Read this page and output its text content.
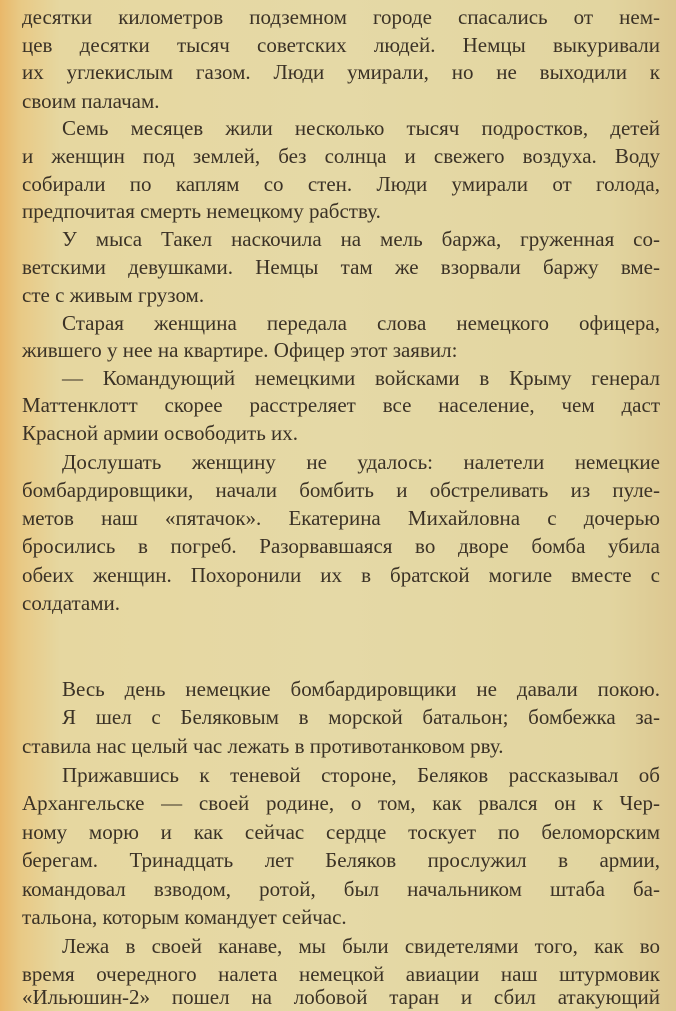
десятки километров подземном городе спасались от нем-
цев десятки тысяч советских людей. Немцы выкуривали
их углекислым газом. Люди умирали, но не выходили к
своим палачам.
Семь месяцев жили несколько тысяч подростков, детей
и женщин под землей, без солнца и свежего воздуха. Воду
собирали по каплям со стен. Люди умирали от голода,
предпочитая смерть немецкому рабству.
У мыса Такел наскочила на мель баржа, груженная со-
ветскими девушками. Немцы там же взорвали баржу вме-
сте с живым грузом.
Старая женщина передала слова немецкого офицера,
жившего у нее на квартире. Офицер этот заявил:
— Командующий немецкими войсками в Крыму генерал
Маттенклотт скорее расстреляет все население, чем даст
Красной армии освободить их.
Дослушать женщину не удалось: налетели немецкие
бомбардировщики, начали бомбить и обстреливать из пуле-
метов наш «пятачок». Екатерина Михайловна с дочерью
бросились в погреб. Разорвавшаяся во дворе бомба убила
обеих женщин. Похоронили их в братской могиле вместе с
солдатами.
Весь день немецкие бомбардировщики не давали покою.
Я шел с Беляковым в морской батальон; бомбежка за-
ставила нас целый час лежать в противотанковом рву.
Прижавшись к теневой стороне, Беляков рассказывал об
Архангельске — своей родине, о том, как рвался он к Чер-
ному морю и как сейчас сердце тоскует по беломорским
берегам. Тринадцать лет Беляков прослужил в армии,
командовал взводом, ротой, был начальником штаба ба-
тальона, которым командует сейчас.
Лежа в своей канаве, мы были свидетелями того, как во
время очередного налета немецкой авиации наш штурмовик
«Ильюшин-2» пошел на лобовой таран и сбил атакующий
